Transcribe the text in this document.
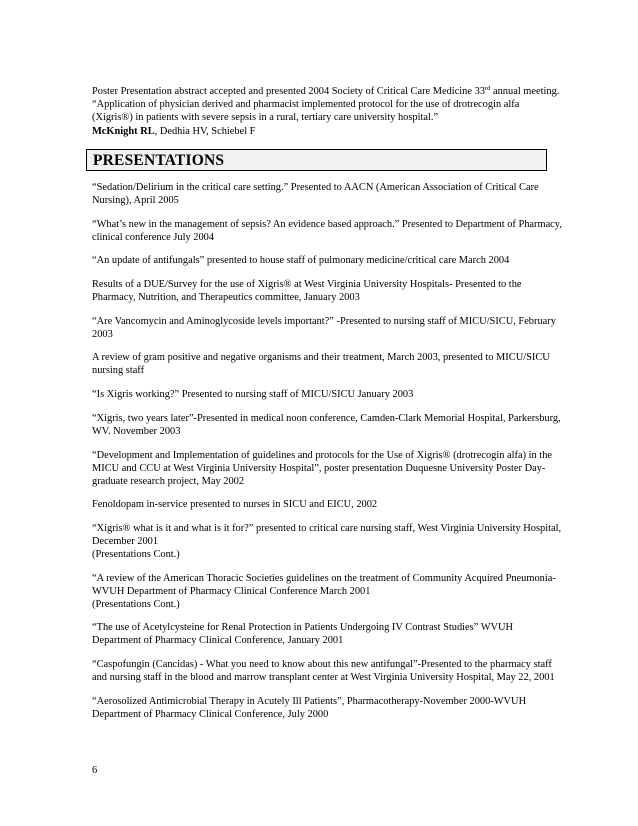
Poster Presentation abstract accepted and presented 2004 Society of Critical Care Medicine 33rd annual meeting. “Application of physician derived and pharmacist implemented protocol for the use of drotrecogin alfa (Xigris®) in patients with severe sepsis in a rural, tertiary care university hospital.”

McKnight RL, Dedhia HV, Schiebel F

PRESENTATIONS

“Sedation/Delirium in the critical care setting.” Presented to AACN (American Association of Critical Care Nursing), April 2005

“What’s new in the management of sepsis? An evidence based approach.” Presented to Department of Pharmacy, clinical conference July 2004

“An update of antifungals” presented to house staff of pulmonary medicine/critical care March 2004

Results of a DUE/Survey for the use of Xigris® at West Virginia University Hospitals- Presented to the Pharmacy, Nutrition, and Therapeutics committee, January 2003

“Are Vancomycin and Aminoglycoside levels important?” -Presented to nursing staff of MICU/SICU, February 2003

A review of gram positive and negative organisms and their treatment, March 2003, presented to MICU/SICU nursing staff

“Is Xigris working?” Presented to nursing staff of MICU/SICU January 2003

“Xigris, two years later”-Presented in medical noon conference, Camden-Clark Memorial Hospital, Parkersburg, WV. November 2003

“Development and Implementation of guidelines and protocols for the Use of Xigris® (drotrecogin alfa) in the MICU and CCU at West Virginia University Hospital”, poster presentation Duquesne University Poster Day-graduate research project, May 2002

Fenoldopam in-service presented to nurses in SICU and EICU, 2002

“Xigris® what is it and what is it for?” presented to critical care nursing staff, West Virginia University Hospital, December 2001
(Presentations Cont.)

“A review of the American Thoracic Societies guidelines on the treatment of Community Acquired Pneumonia-WVUH Department of Pharmacy Clinical Conference March 2001
(Presentations Cont.)

“The use of Acetylcysteine for Renal Protection in Patients Undergoing IV Contrast Studies” WVUH Department of Pharmacy Clinical Conference, January 2001

“Caspofungin (Cancidas) - What you need to know about this new antifungal”-Presented to the pharmacy staff and nursing staff in the blood and marrow transplant center at West Virginia University Hospital, May 22, 2001

“Aerosolized Antimicrobial Therapy in Acutely Ill Patients”, Pharmacotherapy-November 2000-WVUH Department of Pharmacy Clinical Conference, July 2000

6
